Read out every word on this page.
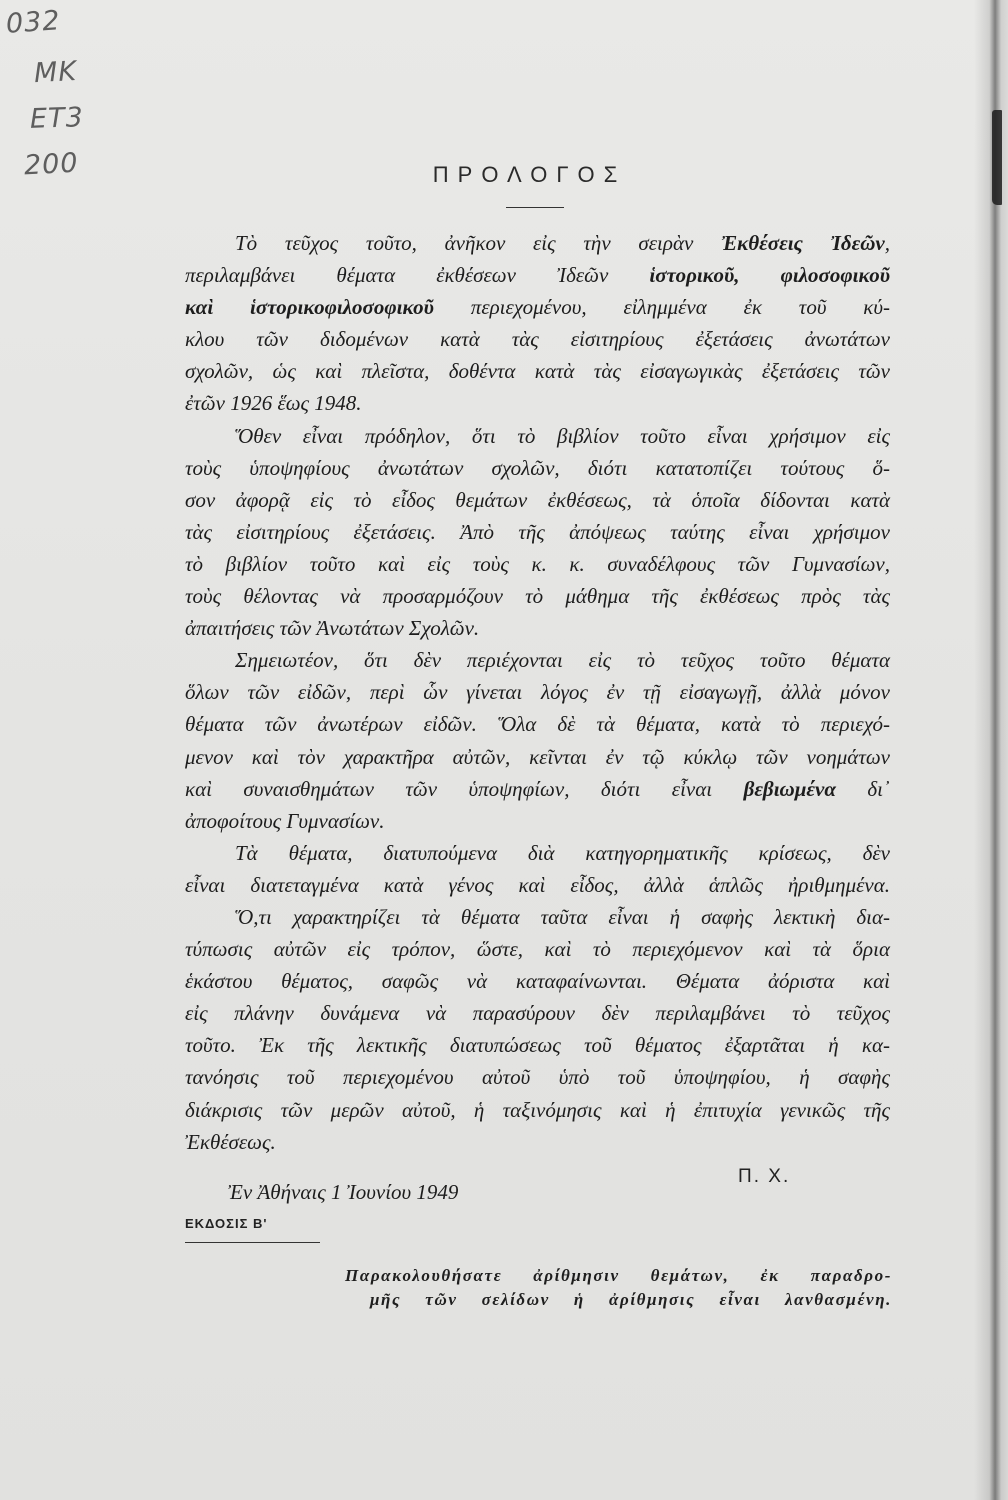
032
ΜΚ
ΕΤ3
200	ΠΡΟΛΟΓΟΣ
Τὸ τεῦχος τοῦτο, ἀνῆκον εἰς τὴν σειρὰν Ἐκθέσεις Ἰδεῶν,
περιλαμβάνει θέματα ἐκθέσεων Ἰδεῶν ἱστορικοῦ, φιλοσοφικοῦ
καὶ ἱστορικοφιλοσοφικοῦ περιεχομένου, εἰλημμένα ἐκ τοῦ κύ-
κλου τῶν διδομένων κατὰ τὰς εἰσιτηρίους ἐξετάσεις ἀνωτάτων
σχολῶν, ὡς καὶ πλεῖστα, δοθέντα κατὰ τὰς εἰσαγωγικὰς ἐξετάσεις τῶν
ἐτῶν 1926 ἕως 1948.
Ὅθεν εἶναι πρόδηλον, ὅτι τὸ βιβλίον τοῦτο εἶναι χρήσιμον εἰς
τοὺς ὑποψηφίους ἀνωτάτων σχολῶν, διότι κατατοπίζει τούτους ὅ-
σον ἀφορᾷ εἰς τὸ εἶδος θεμάτων ἐκθέσεως, τὰ ὁποῖα δίδονται κατὰ
τὰς εἰσιτηρίους ἐξετάσεις. Ἀπὸ τῆς ἀπόψεως ταύτης εἶναι χρήσιμον
τὸ βιβλίον τοῦτο καὶ εἰς τοὺς κ. κ. συναδέλφους τῶν Γυμνασίων,
τοὺς θέλοντας νὰ προσαρμόζουν τὸ μάθημα τῆς ἐκθέσεως πρὸς τὰς
ἀπαιτήσεις τῶν Ἀνωτάτων Σχολῶν.
Σημειωτέον, ὅτι δὲν περιέχονται εἰς τὸ τεῦχος τοῦτο θέματα
ὅλων τῶν εἰδῶν, περὶ ὧν γίνεται λόγος ἐν τῇ εἰσαγωγῇ, ἀλλὰ μόνον
θέματα τῶν ἀνωτέρων εἰδῶν. Ὅλα δὲ τὰ θέματα, κατὰ τὸ περιεχό-
μενον καὶ τὸν χαρακτῆρα αὐτῶν, κεῖνται ἐν τῷ κύκλῳ τῶν νοημάτων
καὶ συναισθημάτων τῶν ὑποψηφίων, διότι εἶναι βεβιωμένα δι᾿
ἀποφοίτους Γυμνασίων.
Τὰ θέματα, διατυπούμενα διὰ κατηγορηματικῆς κρίσεως, δὲν
εἶναι διατεταγμένα κατὰ γένος καὶ εἶδος, ἀλλὰ ἁπλῶς ἠριθμημένα.
Ὅ,τι χαρακτηρίζει τὰ θέματα ταῦτα εἶναι ἡ σαφὴς λεκτικὴ δια-
τύπωσις αὐτῶν εἰς τρόπον, ὥστε, καὶ τὸ περιεχόμενον καὶ τὰ ὅρια
ἑκάστου θέματος, σαφῶς νὰ καταφαίνωνται. Θέματα ἀόριστα καὶ
εἰς πλάνην δυνάμενα νὰ παρασύρουν δὲν περιλαμβάνει τὸ τεῦχος
τοῦτο. Ἐκ τῆς λεκτικῆς διατυπώσεως τοῦ θέματος ἐξαρτᾶται ἡ κα-
τανόησις τοῦ περιεχομένου αὐτοῦ ὑπὸ τοῦ ὑποψηφίου, ἡ σαφὴς
διάκρισις τῶν μερῶν αὐτοῦ, ἡ ταξινόμησις καὶ ἡ ἐπιτυχία γενικῶς τῆς
Ἐκθέσεως.
Π. Χ.
Ἐν Ἀθήναις 1 Ἰουνίου 1949
ΕΚΔΟΣΙΣ Β'
Παρακολουθήσατε ἀρίθμησιν θεμάτων, ἐκ παραδρο-
μῆς τῶν σελίδων ἡ ἀρίθμησις εἶναι λανθασμένη.
